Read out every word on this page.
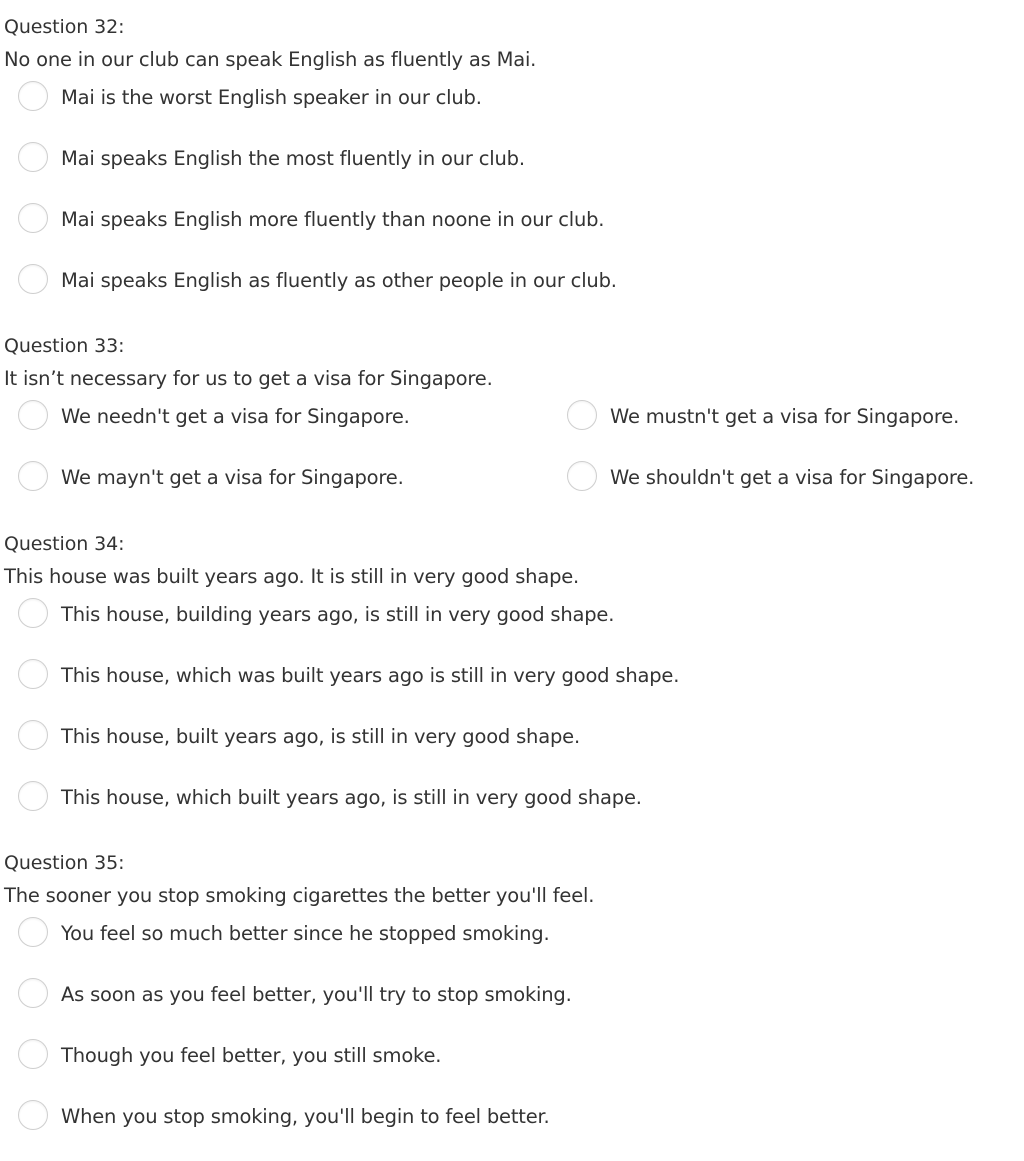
Question 32:
No one in our club can speak English as fluently as Mai.
Mai is the worst English speaker in our club.
Mai speaks English the most fluently in our club.
Mai speaks English more fluently than noone in our club.
Mai speaks English as fluently as other people in our club.
Question 33:
It isn’t necessary for us to get a visa for Singapore.
We needn't get a visa for Singapore.	We mustn't get a visa for Singapore.
We mayn't get a visa for Singapore.	We shouldn't get a visa for Singapore.
Question 34:
This house was built years ago. It is still in very good shape.
This house, building years ago, is still in very good shape.
This house, which was built years ago is still in very good shape.
This house, built years ago, is still in very good shape.
This house, which built years ago, is still in very good shape.
Question 35:
The sooner you stop smoking cigarettes the better you'll feel.
You feel so much better since he stopped smoking.
As soon as you feel better, you'll try to stop smoking.
Though you feel better, you still smoke.
When you stop smoking, you'll begin to feel better.
